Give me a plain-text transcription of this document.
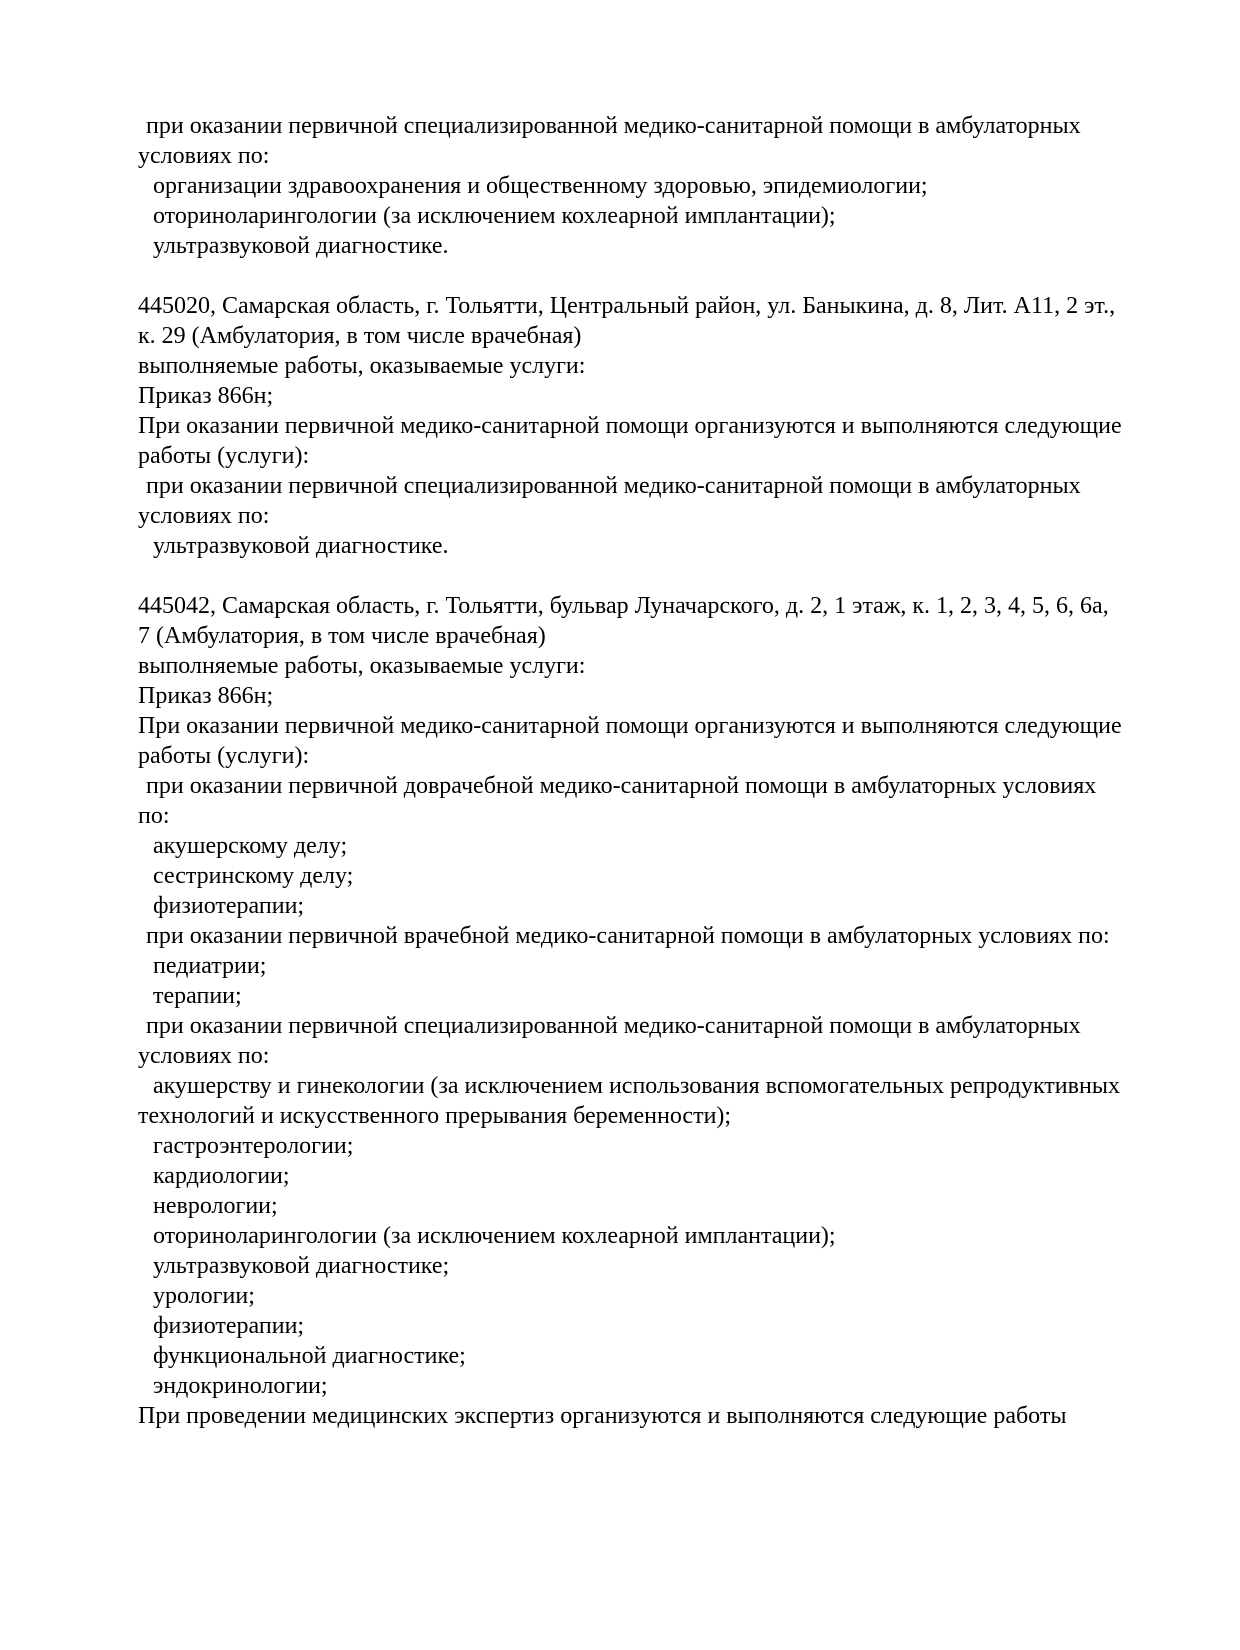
при оказании первичной специализированной медико-санитарной помощи в амбулаторных
условиях по:
организации здравоохранения и общественному здоровью, эпидемиологии;
оториноларингологии (за исключением кохлеарной имплантации);
ультразвуковой диагностике.

445020, Самарская область, г. Тольятти, Центральный район, ул. Баныкина, д. 8, Лит. А11, 2 эт.,
к. 29 (Амбулатория, в том числе врачебная)
выполняемые работы, оказываемые услуги:
Приказ 866н;
При оказании первичной медико-санитарной помощи организуются и выполняются следующие
работы (услуги):
при оказании первичной специализированной медико-санитарной помощи в амбулаторных
условиях по:
ультразвуковой диагностике.

445042, Самарская область, г. Тольятти, бульвар Луначарского, д. 2, 1 этаж, к. 1, 2, 3, 4, 5, 6, 6а,
7 (Амбулатория, в том числе врачебная)
выполняемые работы, оказываемые услуги:
Приказ 866н;
При оказании первичной медико-санитарной помощи организуются и выполняются следующие
работы (услуги):
при оказании первичной доврачебной медико-санитарной помощи в амбулаторных условиях
по:
акушерскому делу;
сестринскому делу;
физиотерапии;
при оказании первичной врачебной медико-санитарной помощи в амбулаторных условиях по:
педиатрии;
терапии;
при оказании первичной специализированной медико-санитарной помощи в амбулаторных
условиях по:
акушерству и гинекологии (за исключением использования вспомогательных репродуктивных
технологий и искусственного прерывания беременности);
гастроэнтерологии;
кардиологии;
неврологии;
оториноларингологии (за исключением кохлеарной имплантации);
ультразвуковой диагностике;
урологии;
физиотерапии;
функциональной диагностике;
эндокринологии;
При проведении медицинских экспертиз организуются и выполняются следующие работы
